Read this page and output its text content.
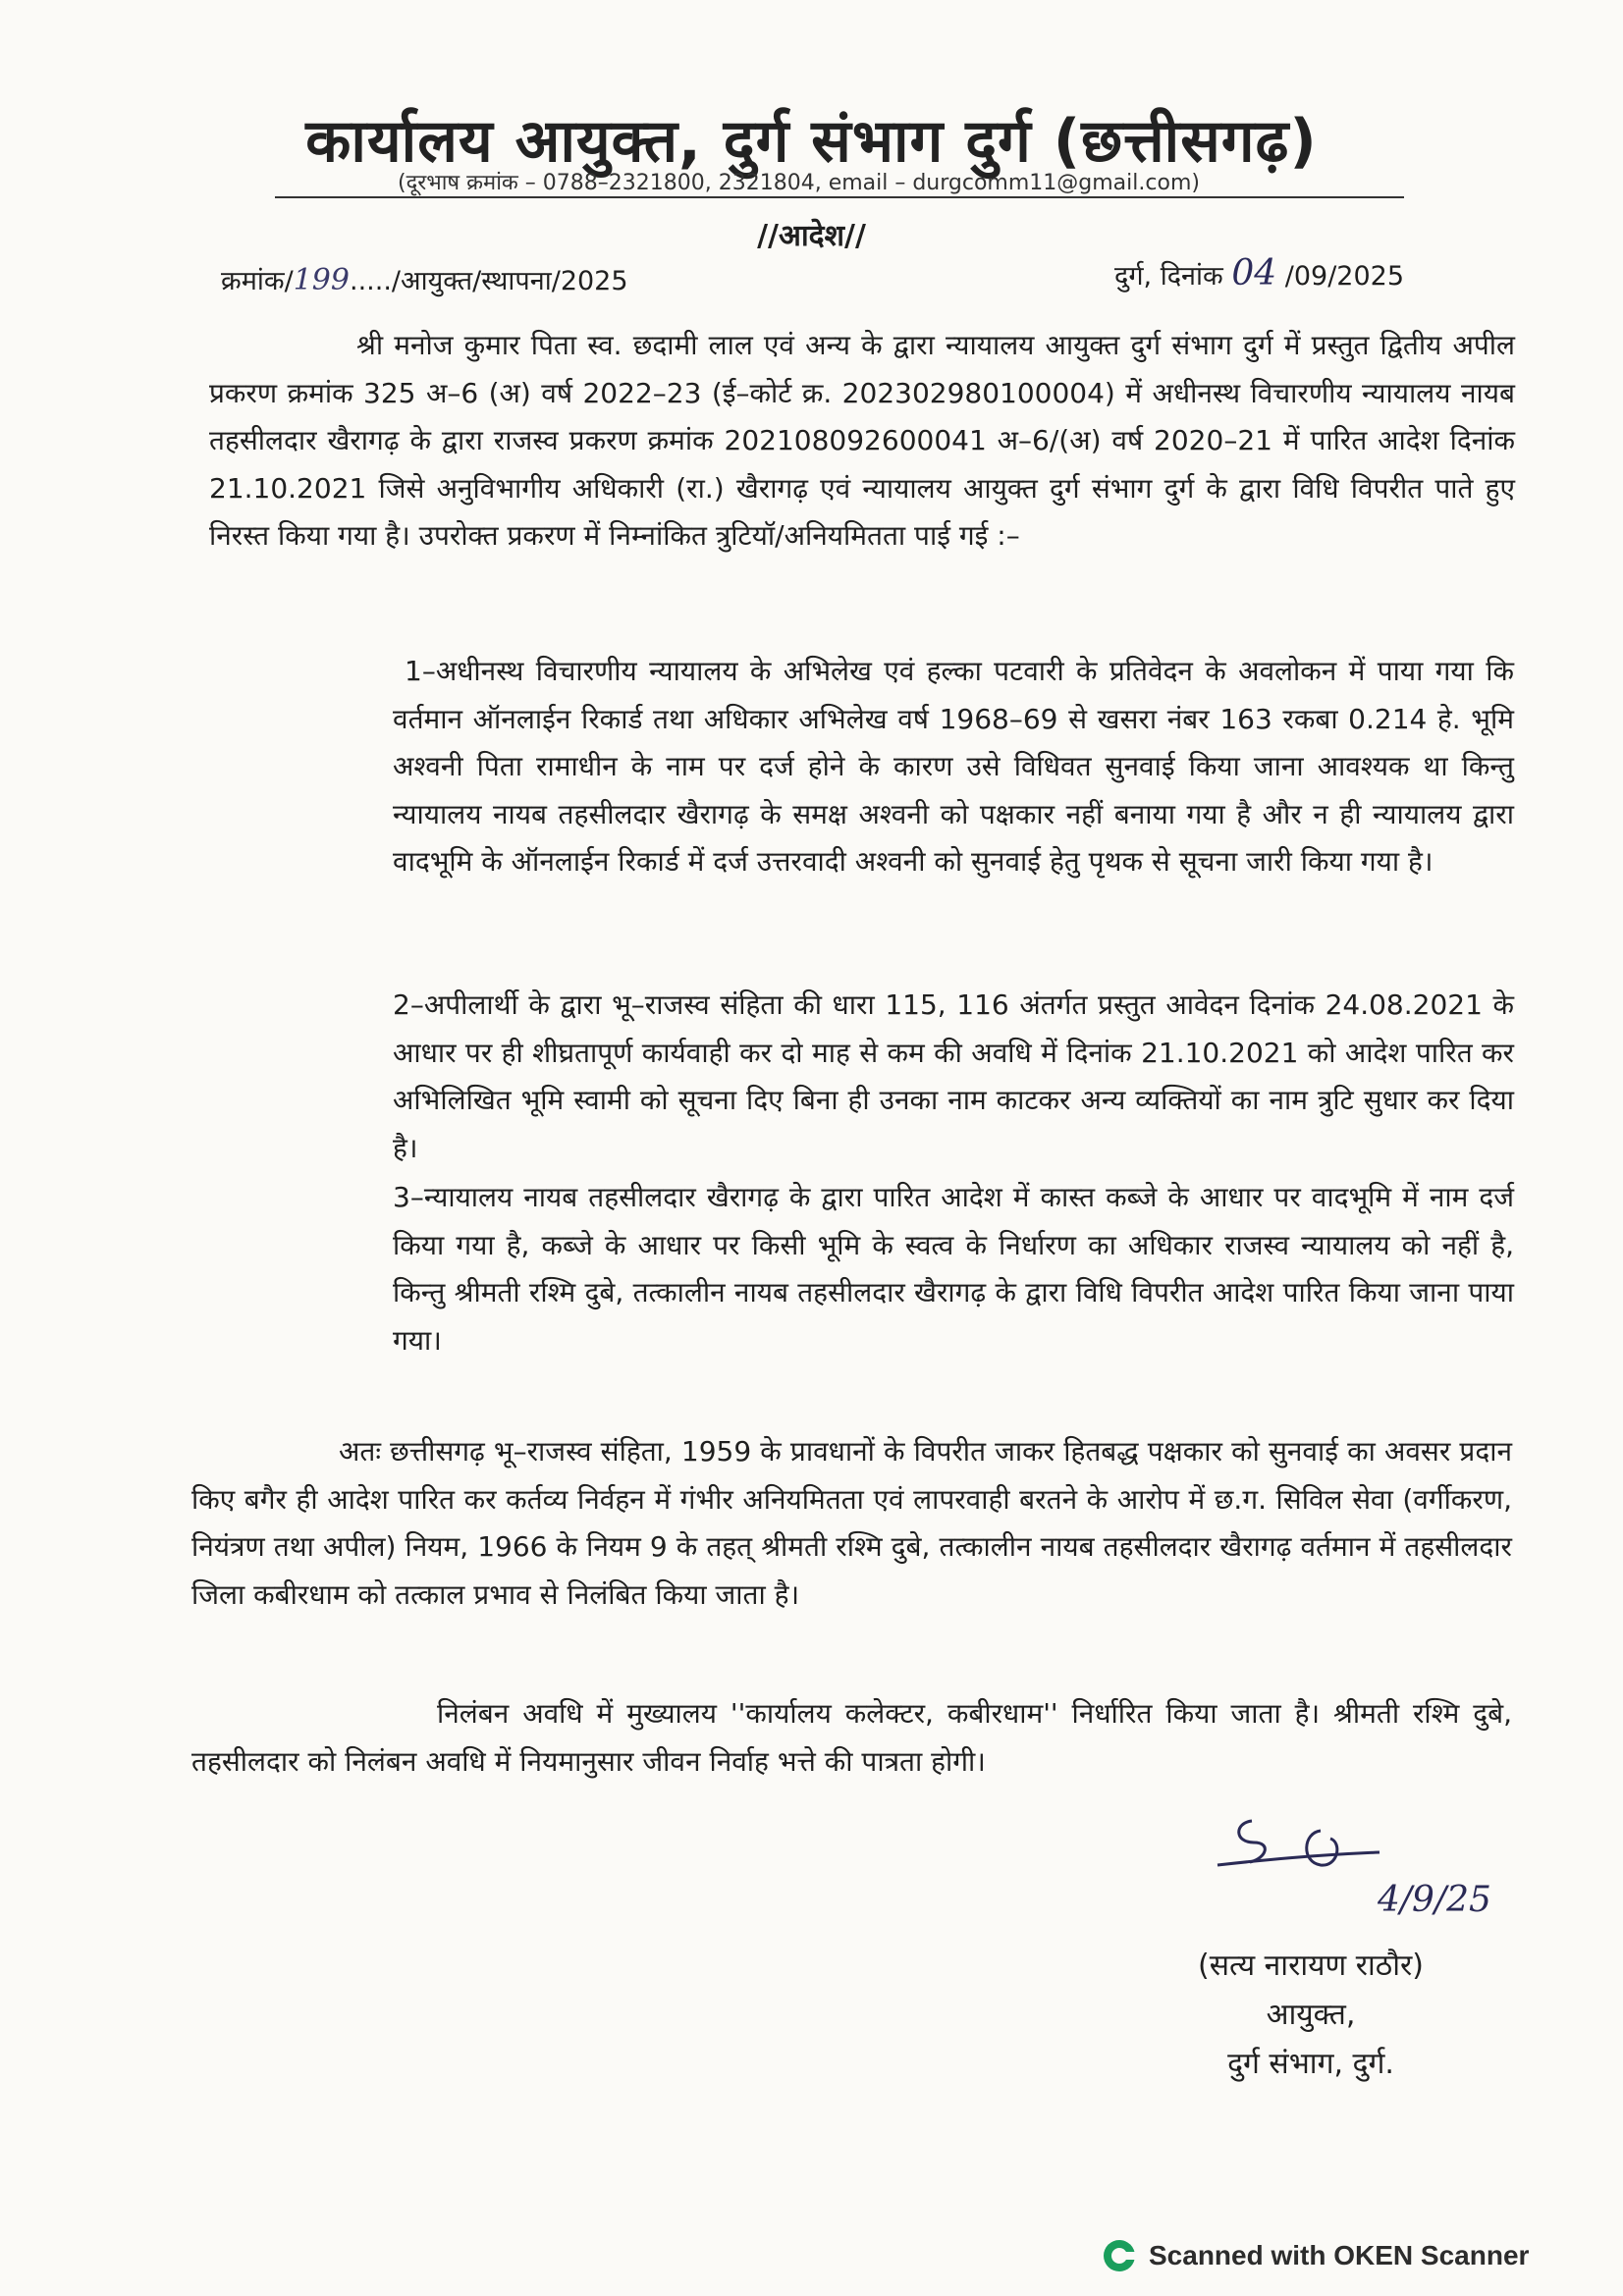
कार्यालय आयुक्त, दुर्ग संभाग दुर्ग (छत्तीसगढ़)
(दूरभाष क्रमांक – 0788–2321800, 2321804, email – durgcomm11@gmail.com)
//आदेश//
क्रमांक/199...../आयुक्त/स्थापना/2025	दुर्ग, दिनांक 04 /09/2025

श्री मनोज कुमार पिता स्व. छदामी लाल एवं अन्य के द्वारा न्यायालय आयुक्त दुर्ग संभाग दुर्ग में प्रस्तुत द्वितीय अपील प्रकरण क्रमांक 325 अ–6 (अ) वर्ष 2022–23 (ई–कोर्ट क्र. 202302980100004) में अधीनस्थ विचारणीय न्यायालय नायब तहसीलदार खैरागढ़ के द्वारा राजस्व प्रकरण क्रमांक 202108092600041 अ–6/(अ) वर्ष 2020–21 में पारित आदेश दिनांक 21.10.2021 जिसे अनुविभागीय अधिकारी (रा.) खैरागढ़ एवं न्यायालय आयुक्त दुर्ग संभाग दुर्ग के द्वारा विधि विपरीत पाते हुए निरस्त किया गया है। उपरोक्त प्रकरण में निम्नांकित त्रुटियॉ/अनियमितता पाई गई :–

1–अधीनस्थ विचारणीय न्यायालय के अभिलेख एवं हल्का पटवारी के प्रतिवेदन के अवलोकन में पाया गया कि वर्तमान ऑनलाईन रिकार्ड तथा अधिकार अभिलेख वर्ष 1968–69 से खसरा नंबर 163 रकबा 0.214 हे. भूमि अश्वनी पिता रामाधीन के नाम पर दर्ज होने के कारण उसे विधिवत सुनवाई किया जाना आवश्यक था किन्तु न्यायालय नायब तहसीलदार खैरागढ़ के समक्ष अश्वनी को पक्षकार नहीं बनाया गया है और न ही न्यायालय द्वारा वादभूमि के ऑनलाईन रिकार्ड में दर्ज उत्तरवादी अश्वनी को सुनवाई हेतु पृथक से सूचना जारी किया गया है।

2–अपीलार्थी के द्वारा भू–राजस्व संहिता की धारा 115, 116 अंतर्गत प्रस्तुत आवेदन दिनांक 24.08.2021 के आधार पर ही शीघ्रतापूर्ण कार्यवाही कर दो माह से कम की अवधि में दिनांक 21.10.2021 को आदेश पारित कर अभिलिखित भूमि स्वामी को सूचना दिए बिना ही उनका नाम काटकर अन्य व्यक्तियों का नाम त्रुटि सुधार कर दिया है।

3–न्यायालय नायब तहसीलदार खैरागढ़ के द्वारा पारित आदेश में कास्त कब्जे के आधार पर वादभूमि में नाम दर्ज किया गया है, कब्जे के आधार पर किसी भूमि के स्वत्व के निर्धारण का अधिकार राजस्व न्यायालय को नहीं है, किन्तु श्रीमती रश्मि दुबे, तत्कालीन नायब तहसीलदार खैरागढ़ के द्वारा विधि विपरीत आदेश पारित किया जाना पाया गया।

अतः छत्तीसगढ़ भू–राजस्व संहिता, 1959 के प्रावधानों के विपरीत जाकर हितबद्ध पक्षकार को सुनवाई का अवसर प्रदान किए बगैर ही आदेश पारित कर कर्तव्य निर्वहन में गंभीर अनियमितता एवं लापरवाही बरतने के आरोप में छ.ग. सिविल सेवा (वर्गीकरण, नियंत्रण तथा अपील) नियम, 1966 के नियम 9 के तहत् श्रीमती रश्मि दुबे, तत्कालीन नायब तहसीलदार खैरागढ़ वर्तमान में तहसीलदार जिला कबीरधाम को तत्काल प्रभाव से निलंबित किया जाता है।

निलंबन अवधि में मुख्यालय ''कार्यालय कलेक्टर, कबीरधाम'' निर्धारित किया जाता है। श्रीमती रश्मि दुबे, तहसीलदार को निलंबन अवधि में नियमानुसार जीवन निर्वाह भत्ते की पात्रता होगी।

4/9/25
(सत्य नारायण राठौर)
आयुक्त,
दुर्ग संभाग, दुर्ग.
Scanned with OKEN Scanner
